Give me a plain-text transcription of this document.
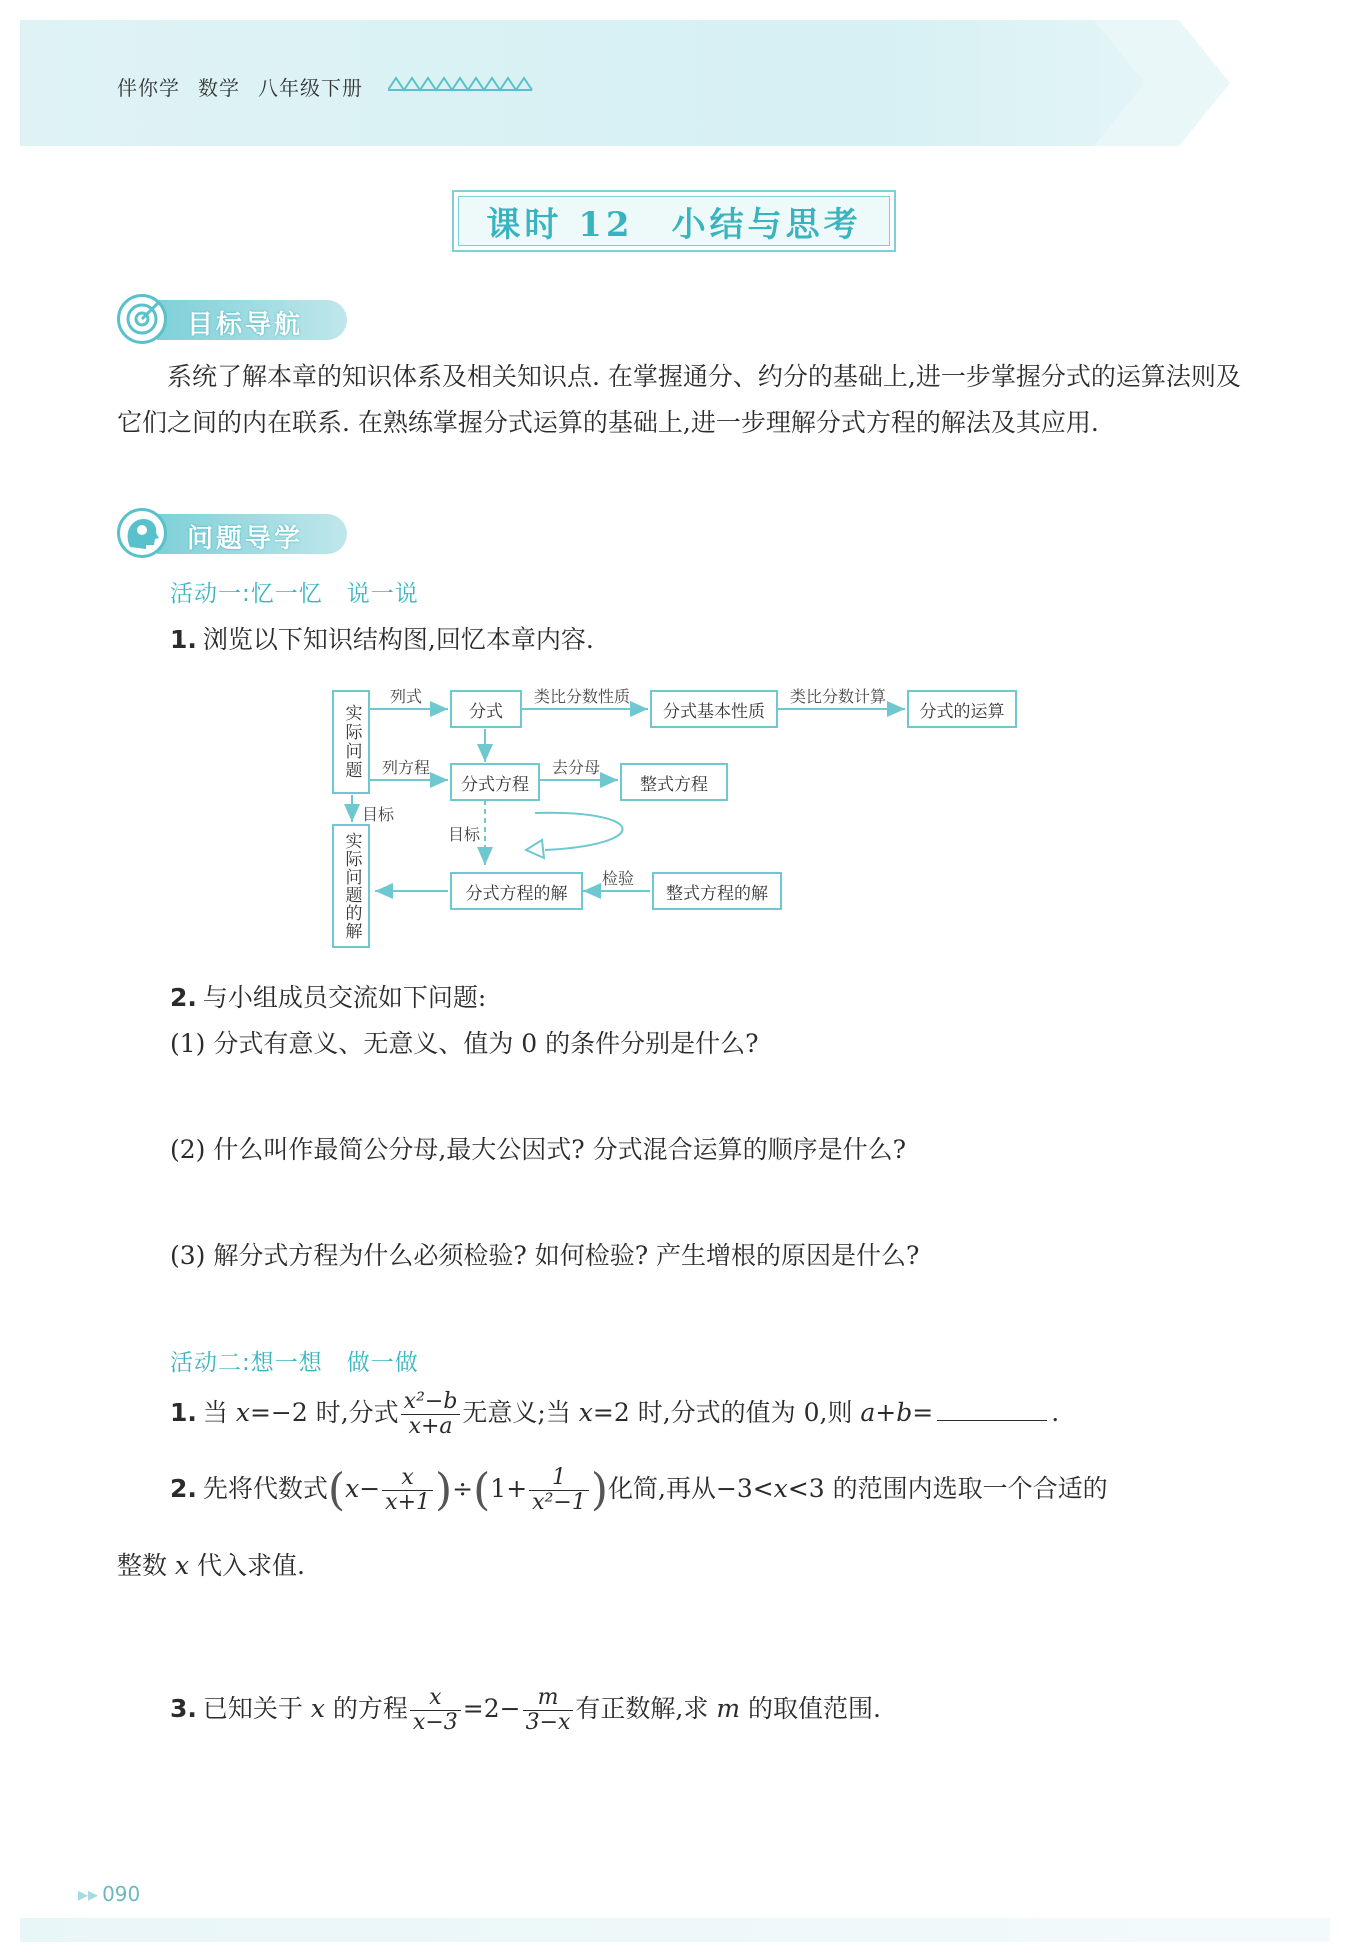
伴你学 数学 八年级下册
课时 12　小结与思考
目标导航
系统了解本章的知识体系及相关知识点. 在掌握通分、约分的基础上,进一步掌握分式的运算法则及它们之间的内在联系. 在熟练掌握分式运算的基础上,进一步理解分式方程的解法及其应用.
问题导学
活动一:忆一忆　说一说
1. 浏览以下知识结构图,回忆本章内容.
实际问题	分式	分式基本性质	分式的运算
分式方程	整式方程
实际问题的解	分式方程的解	整式方程的解
列式	类比分数性质	类比分数计算
列方程	去分母
目标
目标
检验
2. 与小组成员交流如下问题:
(1) 分式有意义、无意义、值为 0 的条件分别是什么?
(2) 什么叫作最简公分母,最大公因式? 分式混合运算的顺序是什么?
(3) 解分式方程为什么必须检验? 如何检验? 产生增根的原因是什么?
活动二:想一想　做一做
1. 当 x=−2 时,分式 $\frac{\text{x²−b}}{x+a}$ 无意义;当 x=2 时,分式的值为 0,则 a+b=	.
2. 先将代数式$(x- \frac{x}{x+1} )\div(1+ \frac{1}{\text{x²−1}}$ )化简,再从−3<x<3 的范围内选取一个合适的
整数 x 代入求值.
3. 已知关于 x 的方程 $\frac{x}{x-3} =2- \frac{m}{3-x}$ 有正数解,求 m 的取值范围.
▸▸ 090
